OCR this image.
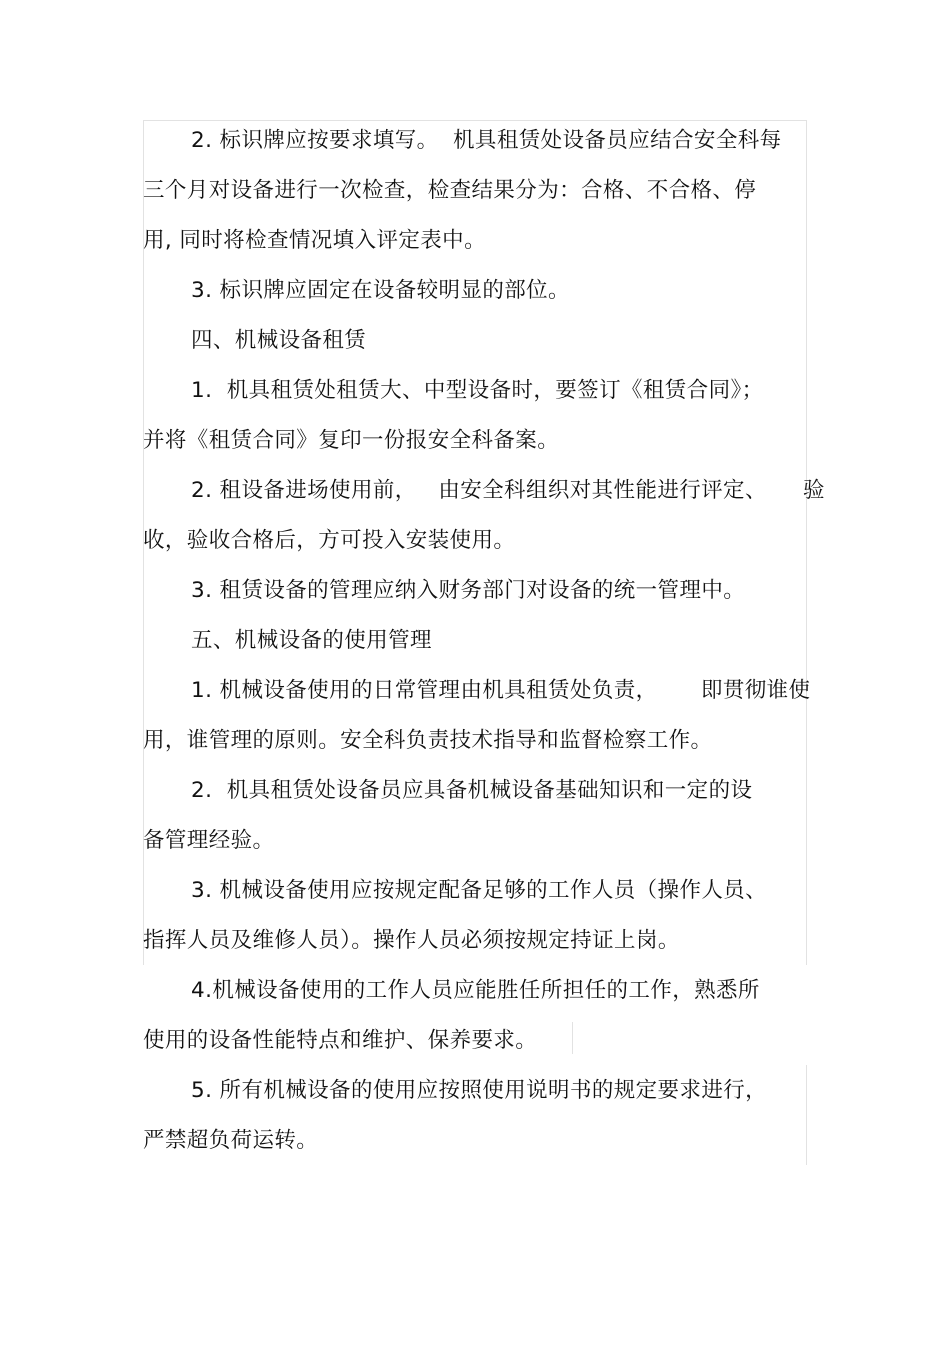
2. 标识牌应按要求填写。  机具租赁处设备员应结合安全科每
三个月对设备进行一次检查，检查结果分为：合格、不合格、停
用, 同时将检查情况填入评定表中。
3. 标识牌应固定在设备较明显的部位。
四、机械设备租赁
1.  机具租赁处租赁大、中型设备时，要签订《租赁合同》；
并将《租赁合同》复印一份报安全科备案。
2. 租设备进场使用前，   由安全科组织对其性能进行评定、     验
收，验收合格后，方可投入安装使用。
3. 租赁设备的管理应纳入财务部门对设备的统一管理中。
五、机械设备的使用管理
1. 机械设备使用的日常管理由机具租赁处负责，      即贯彻谁使
用，谁管理的原则。安全科负责技术指导和监督检察工作。
2.  机具租赁处设备员应具备机械设备基础知识和一定的设
备管理经验。
3. 机械设备使用应按规定配备足够的工作人员（操作人员、
指挥人员及维修人员）。操作人员必须按规定持证上岗。
4.机械设备使用的工作人员应能胜任所担任的工作，熟悉所
使用的设备性能特点和维护、保养要求。
5. 所有机械设备的使用应按照使用说明书的规定要求进行，
严禁超负荷运转。
